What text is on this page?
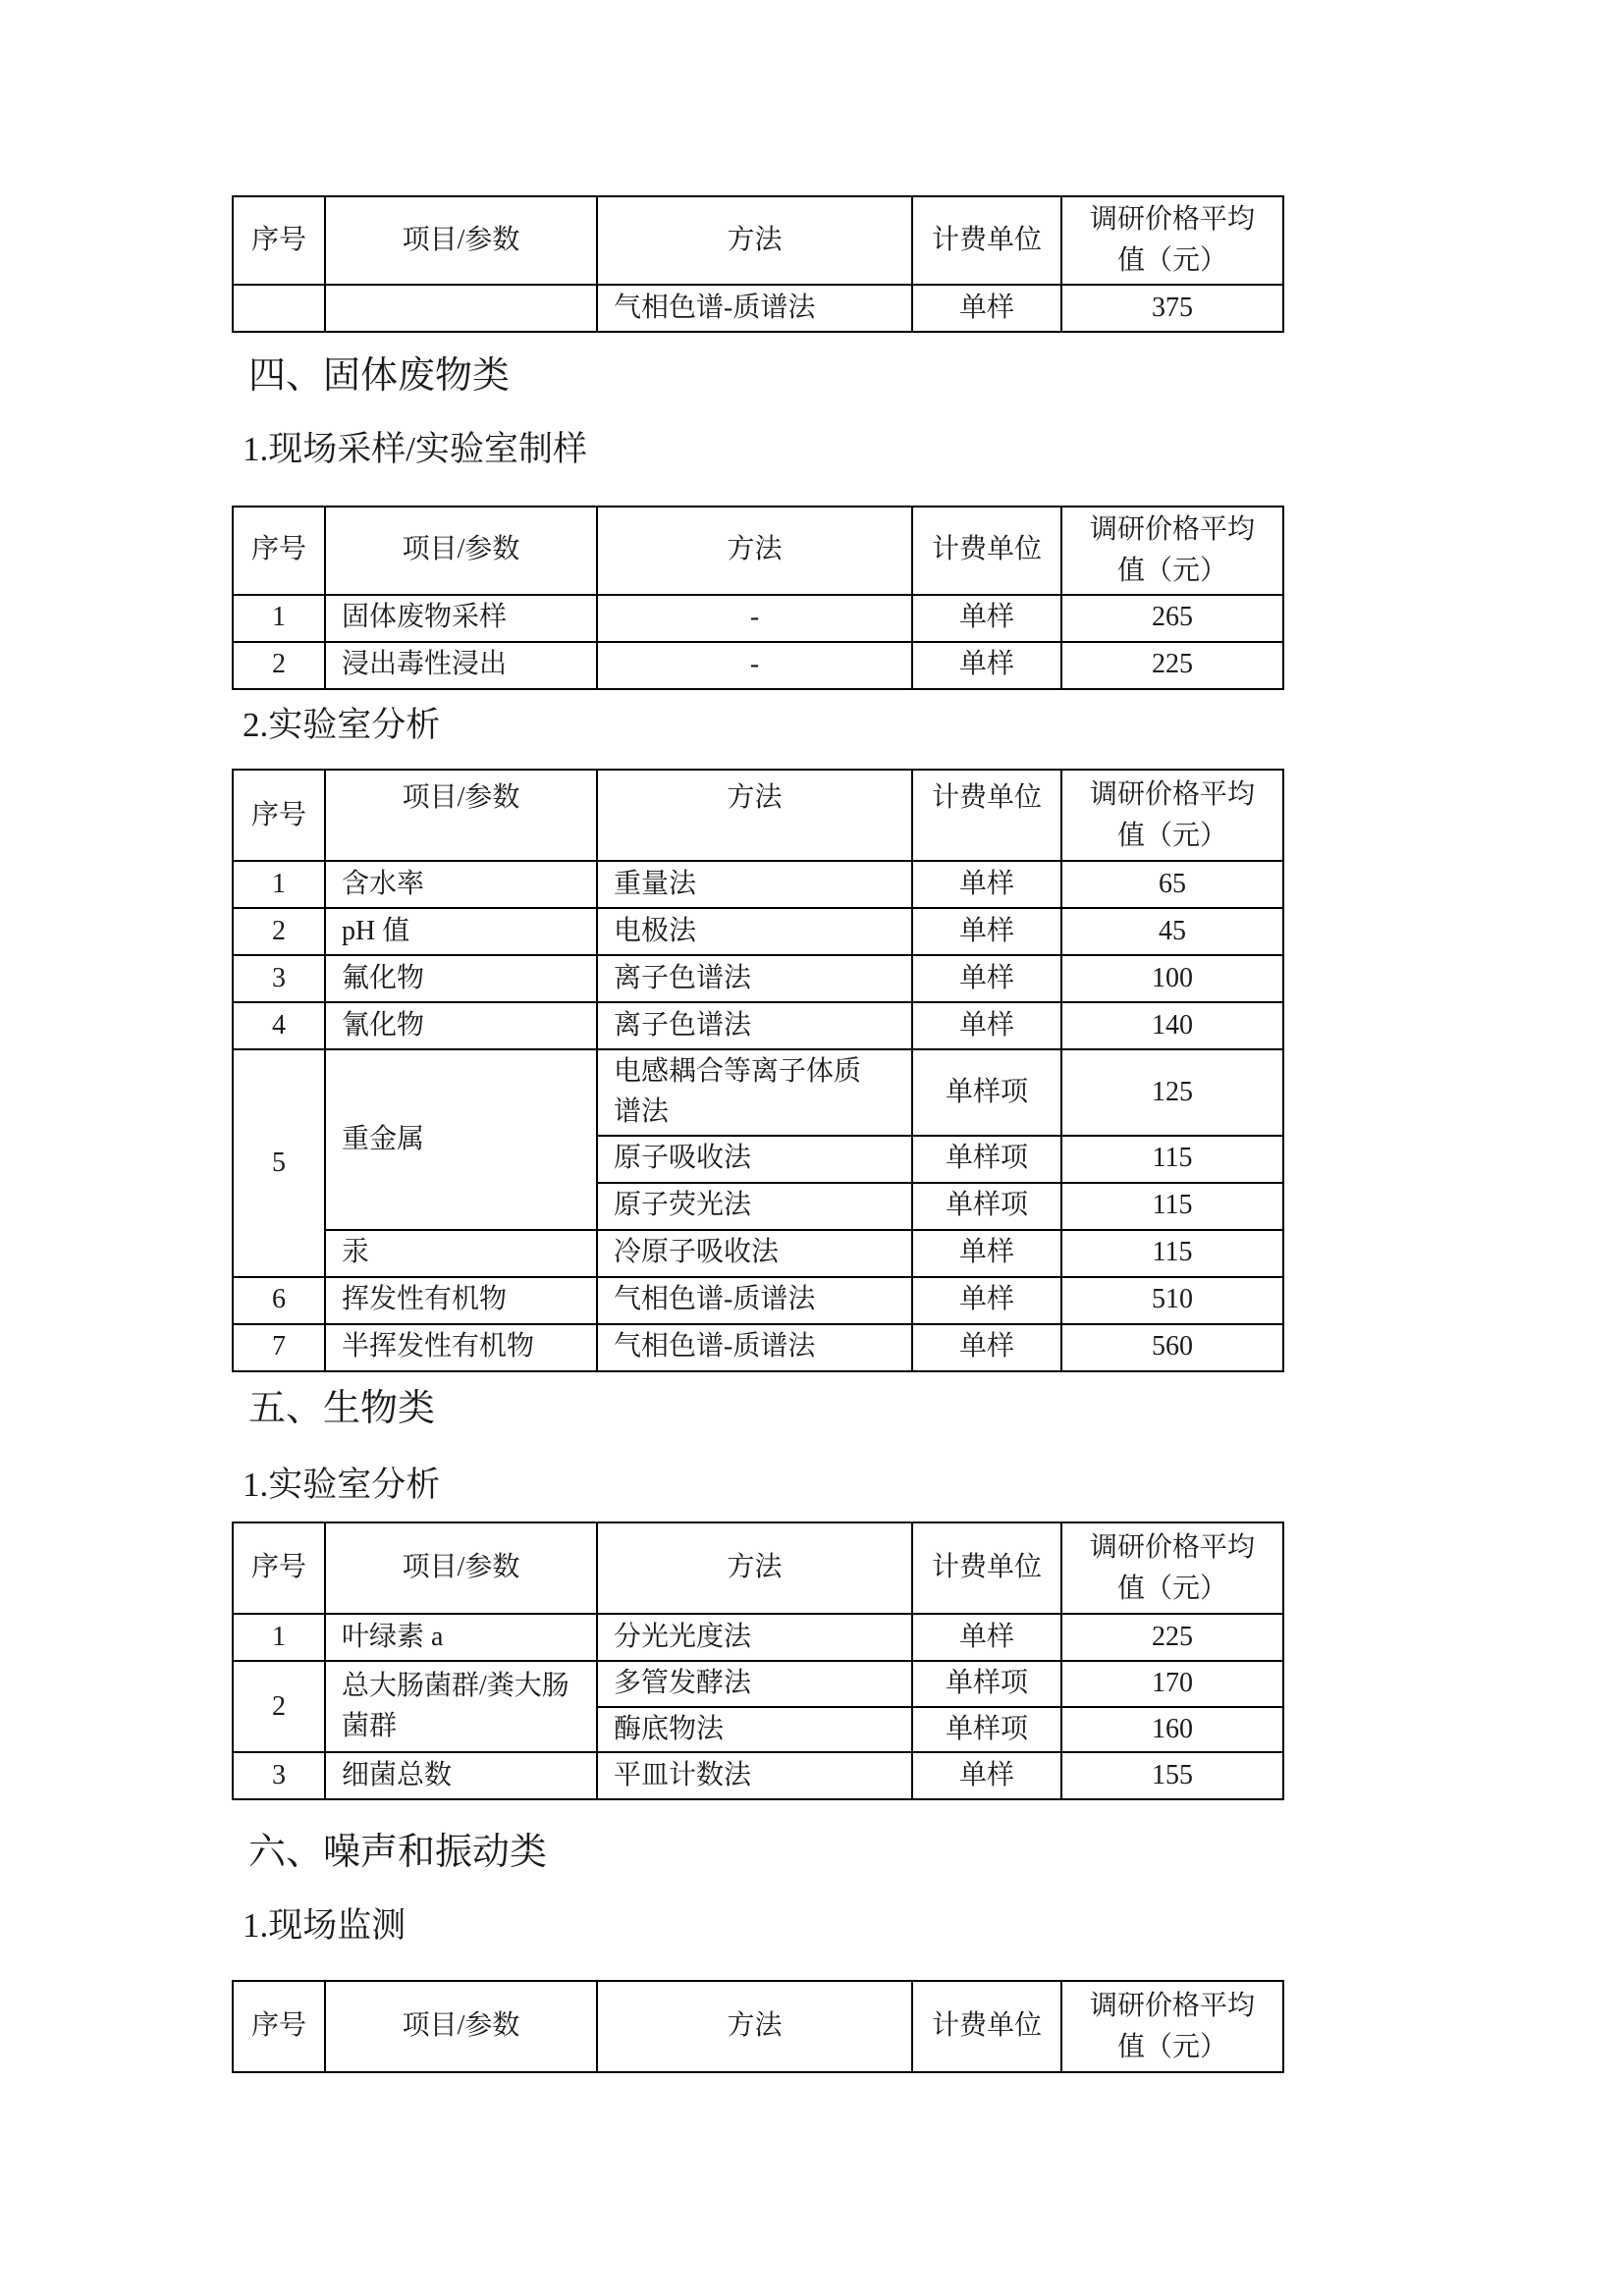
序号	项目/参数	方法	计费单位	调研价格平均
值（元）

		气相色谱-质谱法	单样	375
四、固体废物类
1.现场采样/实验室制样
序号	项目/参数	方法	计费单位	调研价格平均
值（元）

1	固体废物采样	-	单样	265
2	浸出毒性浸出	-	单样	225
2.实验室分析
序号	项目/参数	方法	计费单位	调研价格平均
值（元）

1	含水率	重量法	单样	65
2	pH 值	电极法	单样	45
3	氟化物	离子色谱法	单样	100
4	氰化物	离子色谱法	单样	140
5	重金属	电感耦合等离子体质谱法	单样项	125
		原子吸收法	单样项	115
		原子荧光法	单样项	115
	汞	冷原子吸收法	单样	115
6	挥发性有机物	气相色谱-质谱法	单样	510
7	半挥发性有机物	气相色谱-质谱法	单样	560
五、生物类
1.实验室分析
序号	项目/参数	方法	计费单位	调研价格平均
值（元）

1	叶绿素 a	分光光度法	单样	225
2	总大肠菌群/粪大肠菌群	多管发酵法	单样项	170
		酶底物法	单样项	160
3	细菌总数	平皿计数法	单样	155
六、噪声和振动类
1.现场监测
序号	项目/参数	方法	计费单位	
调研价格平均
值（元）
